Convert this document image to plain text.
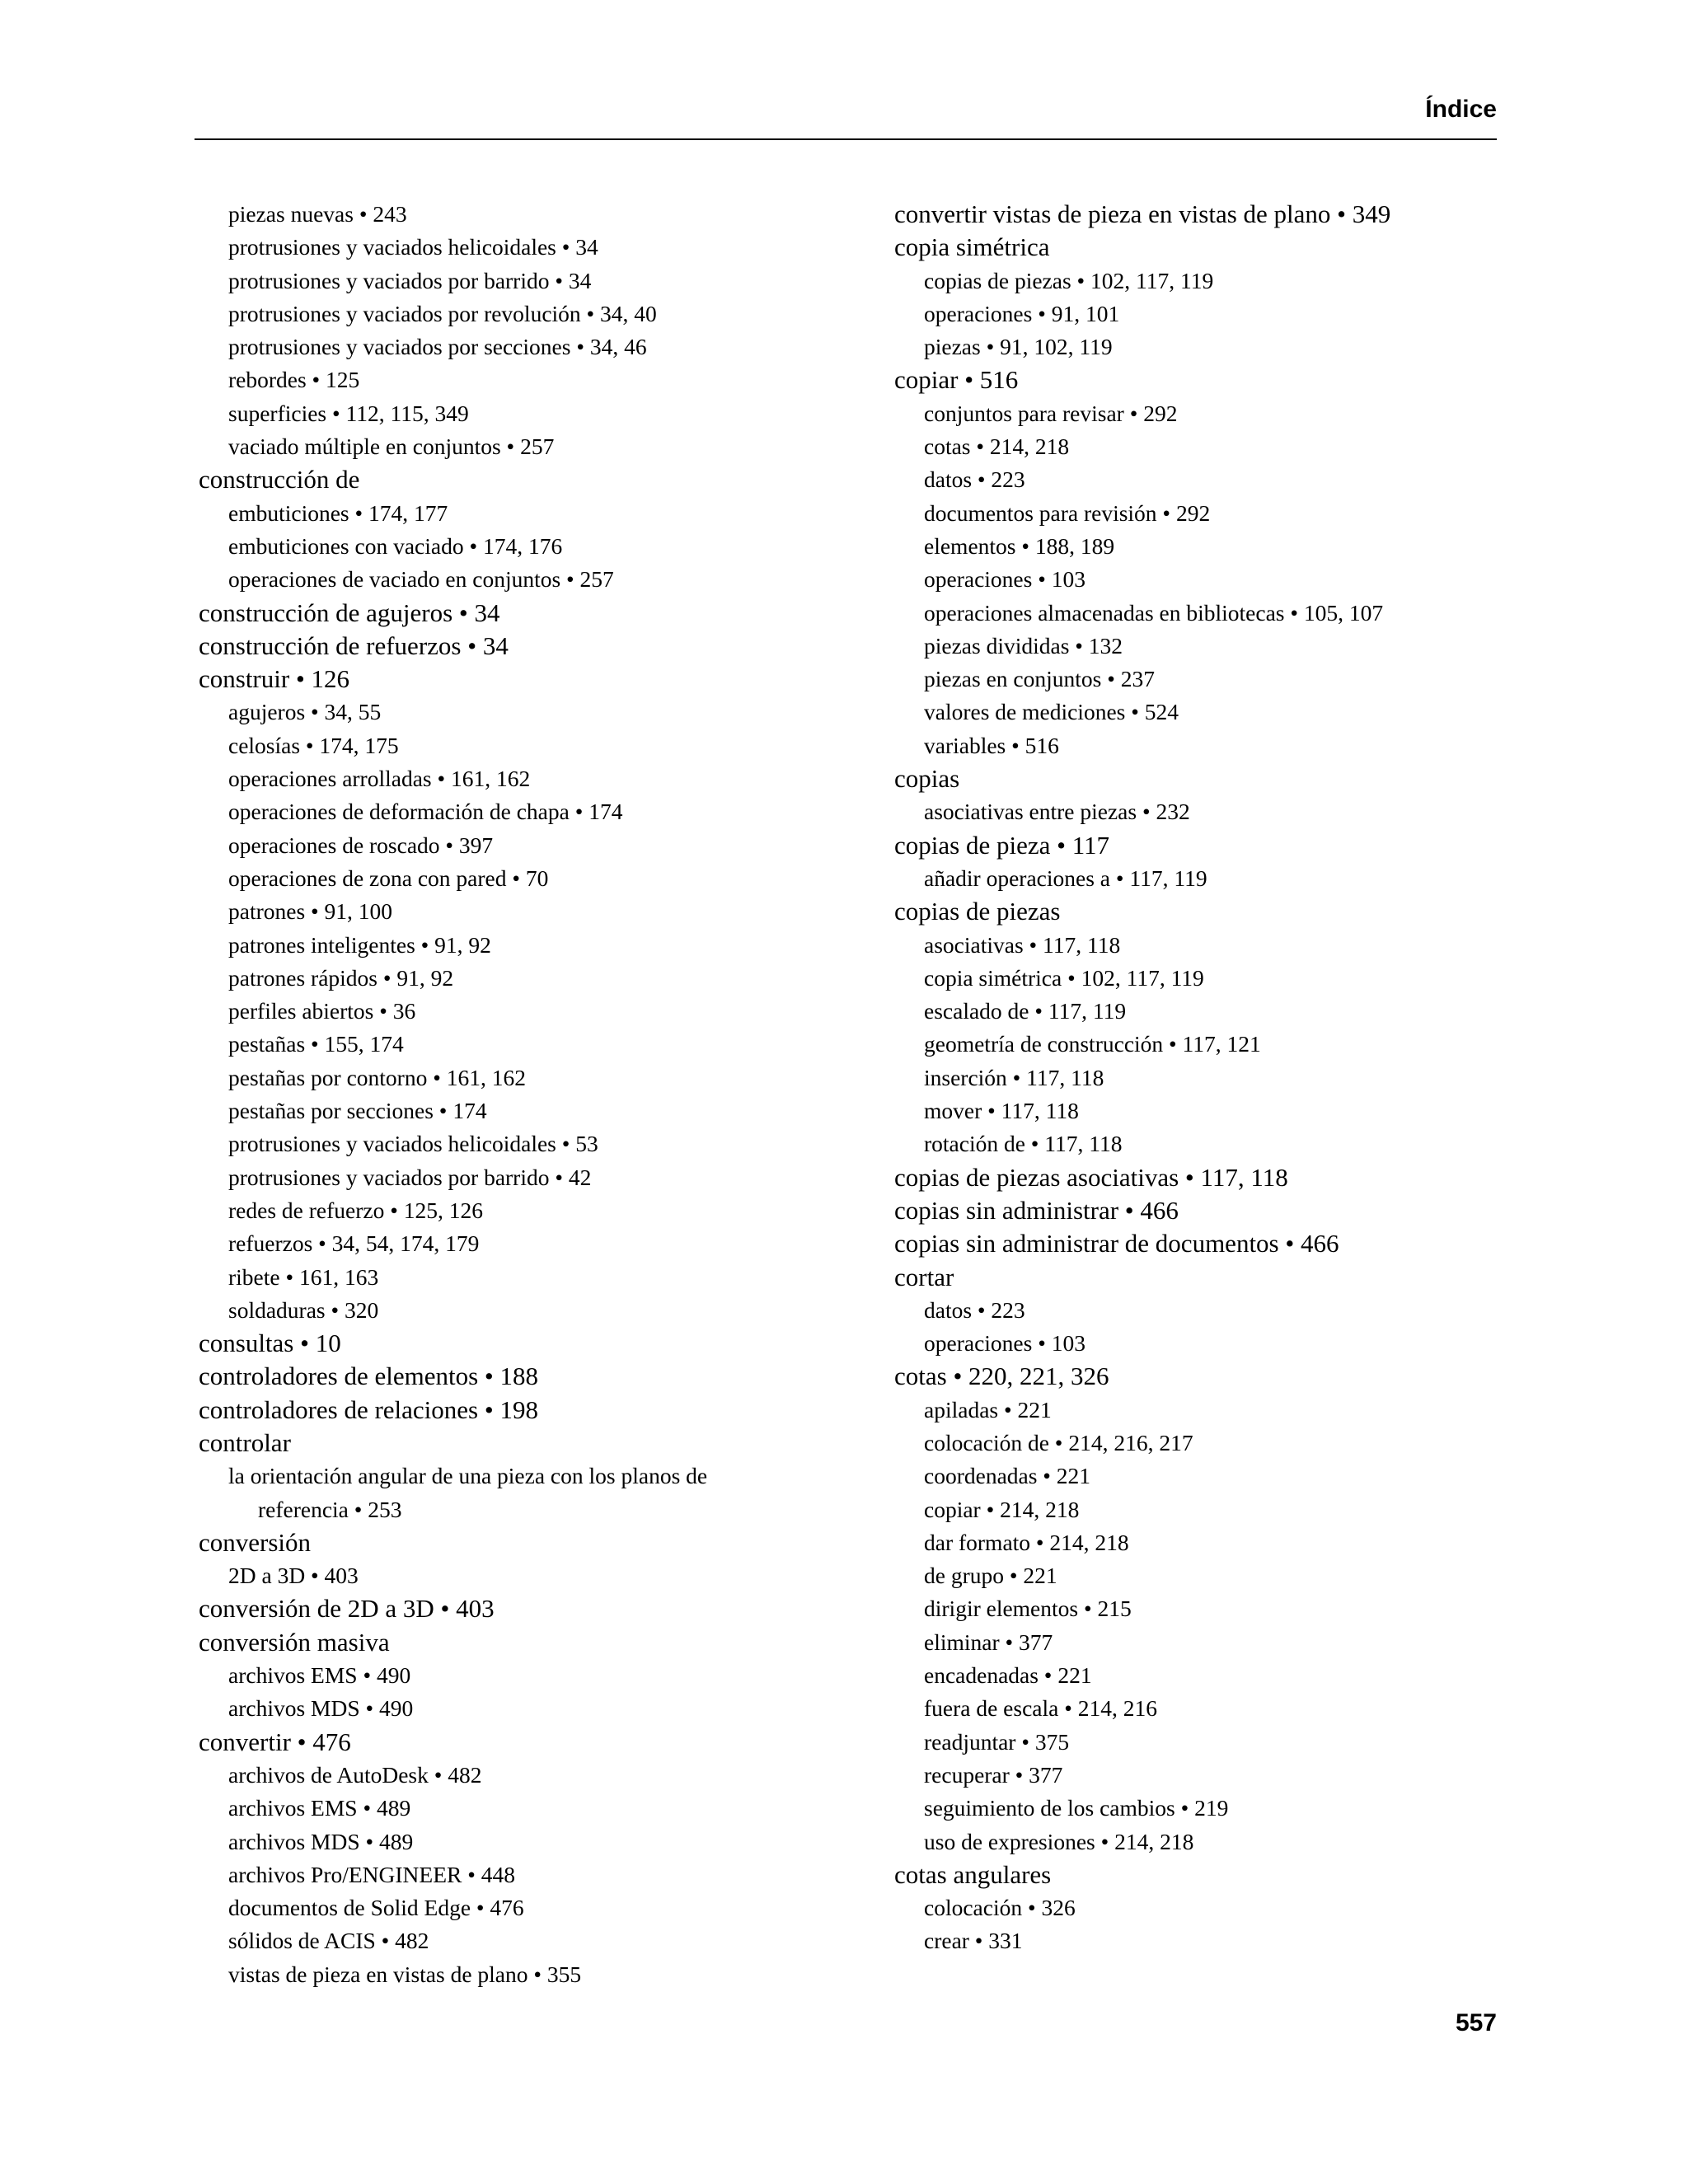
Índice
piezas nuevas • 243
protrusiones y vaciados helicoidales • 34
protrusiones y vaciados por barrido • 34
protrusiones y vaciados por revolución • 34, 40
protrusiones y vaciados por secciones • 34, 46
rebordes • 125
superficies • 112, 115, 349
vaciado múltiple en conjuntos • 257
construcción de
embuticiones • 174, 177
embuticiones con vaciado • 174, 176
operaciones de vaciado en conjuntos • 257
construcción de agujeros • 34
construcción de refuerzos • 34
construir • 126
agujeros • 34, 55
celosías • 174, 175
operaciones arrolladas • 161, 162
operaciones de deformación de chapa • 174
operaciones de roscado • 397
operaciones de zona con pared • 70
patrones • 91, 100
patrones inteligentes • 91, 92
patrones rápidos • 91, 92
perfiles abiertos • 36
pestañas • 155, 174
pestañas por contorno • 161, 162
pestañas por secciones • 174
protrusiones y vaciados helicoidales • 53
protrusiones y vaciados por barrido • 42
redes de refuerzo • 125, 126
refuerzos • 34, 54, 174, 179
ribete • 161, 163
soldaduras • 320
consultas • 10
controladores de elementos • 188
controladores de relaciones • 198
controlar
la orientación angular de una pieza con los planos de
referencia • 253
conversión
2D a 3D • 403
conversión de 2D a 3D • 403
conversión masiva
archivos EMS • 490
archivos MDS • 490
convertir • 476
archivos de AutoDesk • 482
archivos EMS • 489
archivos MDS • 489
archivos Pro/ENGINEER • 448
documentos de Solid Edge • 476
sólidos de ACIS • 482
vistas de pieza en vistas de plano • 355
convertir vistas de pieza en vistas de plano • 349
copia simétrica
copias de piezas • 102, 117, 119
operaciones • 91, 101
piezas • 91, 102, 119
copiar • 516
conjuntos para revisar • 292
cotas • 214, 218
datos • 223
documentos para revisión • 292
elementos • 188, 189
operaciones • 103
operaciones almacenadas en bibliotecas • 105, 107
piezas divididas • 132
piezas en conjuntos • 237
valores de mediciones • 524
variables • 516
copias
asociativas entre piezas • 232
copias de pieza • 117
añadir operaciones a • 117, 119
copias de piezas
asociativas • 117, 118
copia simétrica • 102, 117, 119
escalado de • 117, 119
geometría de construcción • 117, 121
inserción • 117, 118
mover • 117, 118
rotación de • 117, 118
copias de piezas asociativas • 117, 118
copias sin administrar • 466
copias sin administrar de documentos • 466
cortar
datos • 223
operaciones • 103
cotas • 220, 221, 326
apiladas • 221
colocación de • 214, 216, 217
coordenadas • 221
copiar • 214, 218
dar formato • 214, 218
de grupo • 221
dirigir elementos • 215
eliminar • 377
encadenadas • 221
fuera de escala • 214, 216
readjuntar • 375
recuperar • 377
seguimiento de los cambios • 219
uso de expresiones • 214, 218
cotas angulares
colocación • 326
crear • 331
557
